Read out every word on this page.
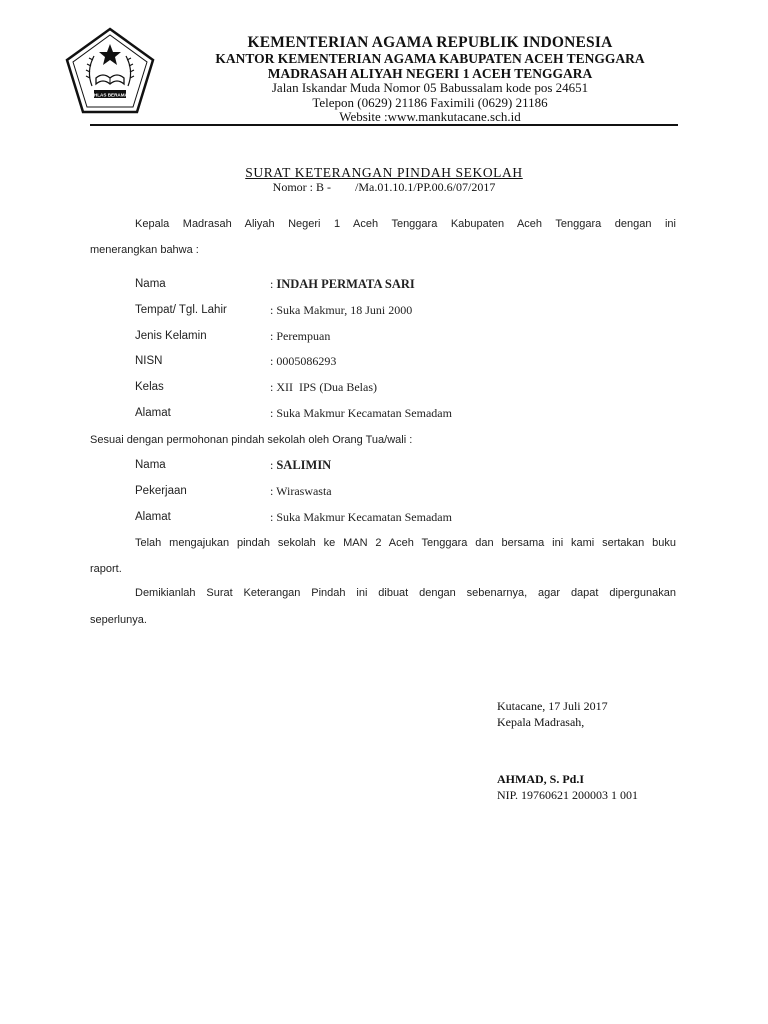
IKHLAS BERAMAL
KEMENTERIAN AGAMA REPUBLIK INDONESIA
KANTOR KEMENTERIAN AGAMA KABUPATEN ACEH TENGGARA
MADRASAH ALIYAH NEGERI 1 ACEH TENGGARA
Jalan Iskandar Muda Nomor 05 Babussalam kode pos 24651
Telepon (0629) 21186 Faximili (0629) 21186
Website :www.mankutacane.sch.id
SURAT KETERANGAN PINDAH SEKOLAH
Nomor : B -        /Ma.01.10.1/PP.00.6/07/2017
Kepala Madrasah Aliyah Negeri 1 Aceh Tenggara Kabupaten Aceh Tenggara dengan ini
menerangkan bahwa :
Nama	: INDAH PERMATA SARI
Tempat/ Tgl. Lahir	: Suka Makmur, 18 Juni 2000
Jenis Kelamin	: Perempuan
NISN	: 0005086293
Kelas	: XII  IPS (Dua Belas)
Alamat	: Suka Makmur Kecamatan Semadam
Sesuai dengan permohonan pindah sekolah oleh Orang Tua/wali :
Nama	: SALIMIN
Pekerjaan	: Wiraswasta
Alamat	: Suka Makmur Kecamatan Semadam
Telah mengajukan pindah sekolah ke MAN 2 Aceh Tenggara dan bersama ini kami sertakan buku
raport.
Demikianlah Surat Keterangan Pindah ini dibuat dengan sebenarnya, agar dapat dipergunakan
seperlunya.
Kutacane, 17 Juli 2017
Kepala Madrasah,
AHMAD, S. Pd.I
NIP. 19760621 200003 1 001
